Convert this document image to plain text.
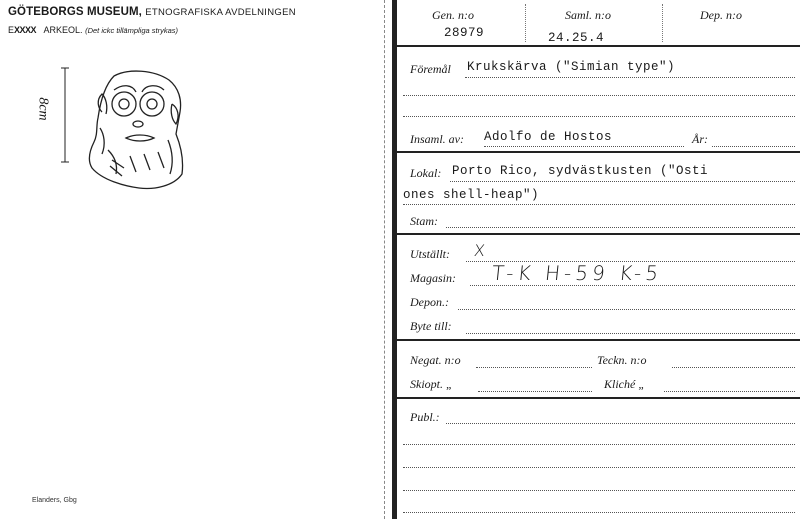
GÖTEBORGS MUSEUM, ETNOGRAFISKA AVDELNINGEN
EXXXX ARKEOL. (Det ickc tillämpliga strykas)
8cm
Elanders, Gbg
Gen. n:o
28979
Saml. n:o
24.25.4
Dep. n:o
Föremål Krukskärva ("Simian type")
Insaml. av: Adolfo de Hostos	År:
Lokal: Porto Rico, sydvästkusten ("Osti
ones shell-heap")
Stam:
Utställt: X
Magasin: T-K H-59 K-5
Depon.:
Byte till:
Negat. n:o	Teckn. n:o
Skiopt. „	Kliché „
Publ.:
